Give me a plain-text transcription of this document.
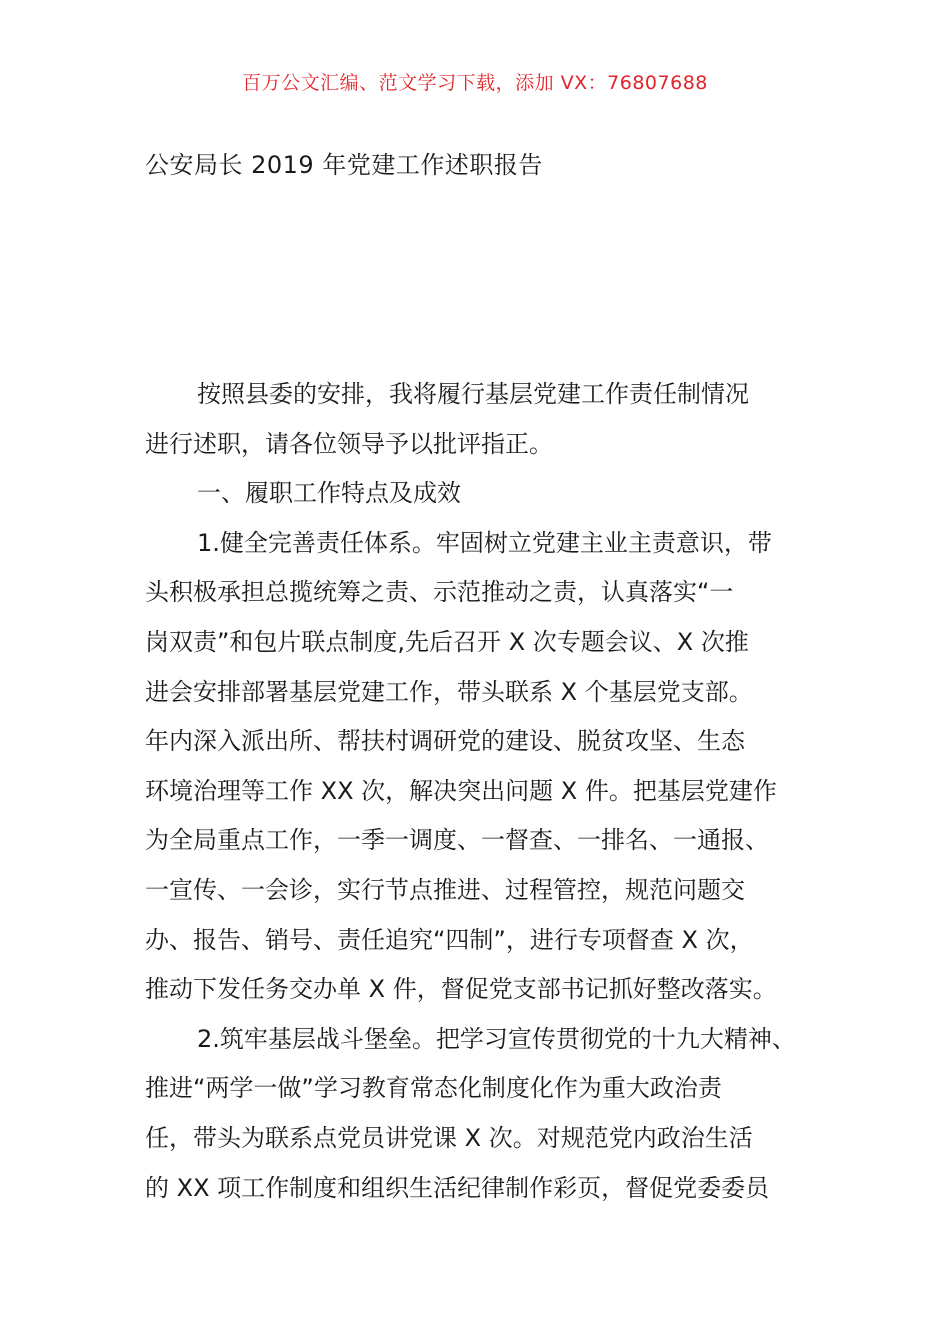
百万公文汇编、范文学习下载，添加 VX：76807688
公安局长 2019 年党建工作述职报告
按照县委的安排，我将履行基层党建工作责任制情况
进行述职，请各位领导予以批评指正。
一、履职工作特点及成效
1.健全完善责任体系。牢固树立党建主业主责意识，带
头积极承担总揽统筹之责、示范推动之责，认真落实“一
岗双责”和包片联点制度,先后召开 X 次专题会议、X 次推
进会安排部署基层党建工作，带头联系 X 个基层党支部。
年内深入派出所、帮扶村调研党的建设、脱贫攻坚、生态
环境治理等工作 XX 次，解决突出问题 X 件。把基层党建作
为全局重点工作，一季一调度、一督查、一排名、一通报、
一宣传、一会诊，实行节点推进、过程管控，规范问题交
办、报告、销号、责任追究“四制”，进行专项督查 X 次，
推动下发任务交办单 X 件，督促党支部书记抓好整改落实。
2.筑牢基层战斗堡垒。把学习宣传贯彻党的十九大精神、
推进“两学一做”学习教育常态化制度化作为重大政治责
任，带头为联系点党员讲党课 X 次。对规范党内政治生活
的 XX 项工作制度和组织生活纪律制作彩页，督促党委委员
